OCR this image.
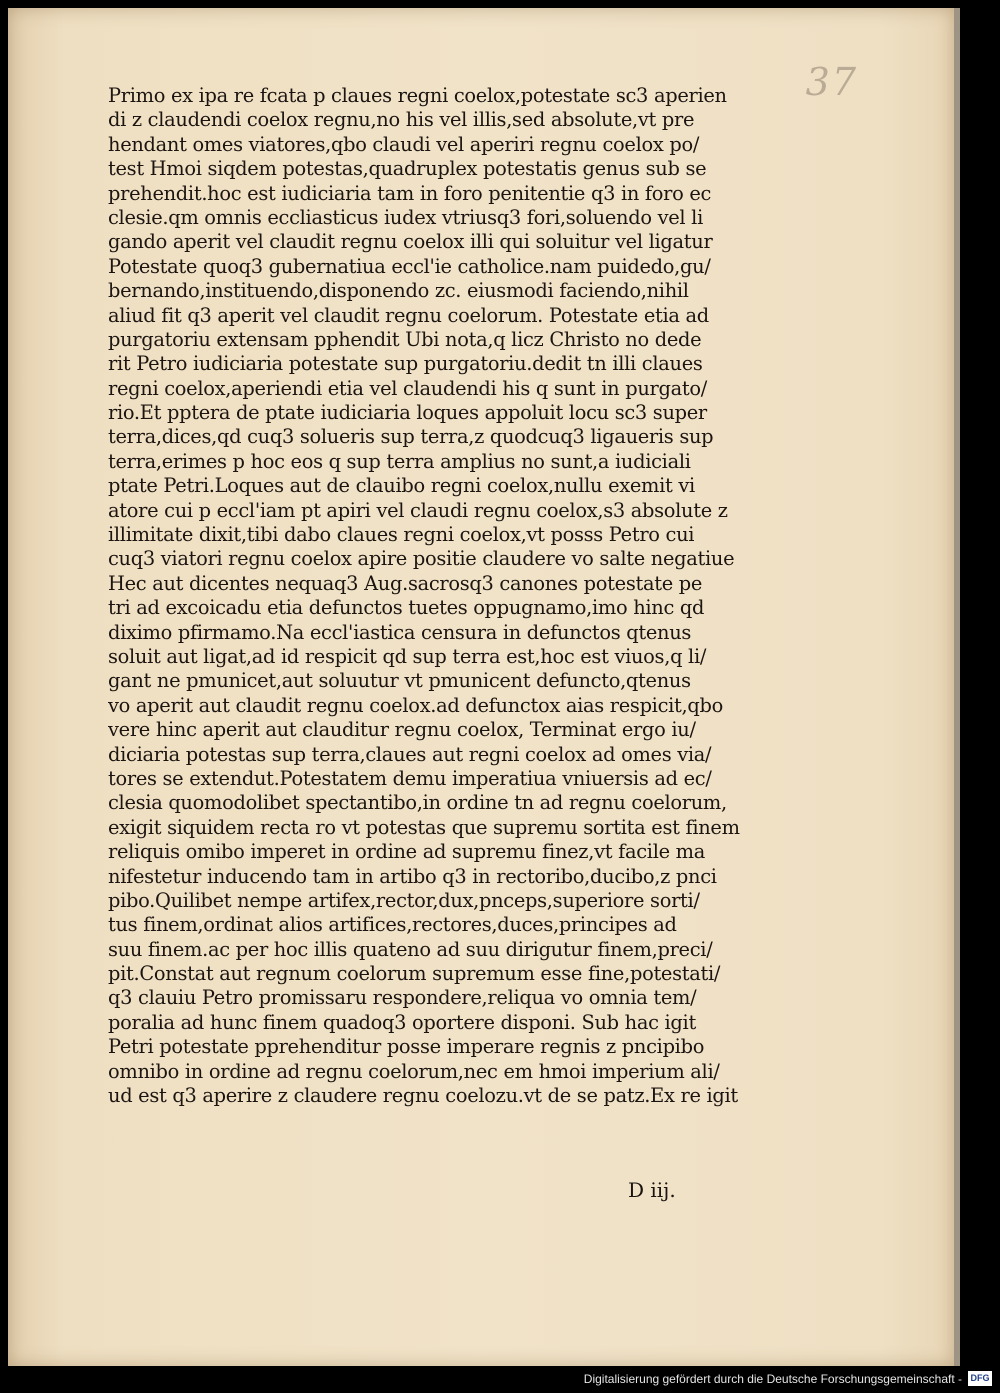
37
Primo ex ipa re fcata p claues regni coelox,potestate sc3 aperien
di z claudendi coelox regnu,no his vel illis,sed absolute,vt pre
hendant omes viatores,qbo claudi vel aperiri regnu coelox po/
test Hmoi siqdem potestas,quadruplex potestatis genus sub se
prehendit.hoc est iudiciaria tam in foro penitentie q3 in foro ec
clesie.qm omnis eccliasticus iudex vtriusq3 fori,soluendo vel li
gando aperit vel claudit regnu coelox illi qui soluitur vel ligatur
Potestate quoq3 gubernatiua eccl'ie catholice.nam puidedo,gu/
bernando,instituendo,disponendo zc. eiusmodi faciendo,nihil
aliud fit q3 aperit vel claudit regnu coelorum. Potestate etia ad
purgatoriu extensam pphendit Ubi nota,q licz Christo no dede
rit Petro iudiciaria potestate sup purgatoriu.dedit tn illi claues
regni coelox,aperiendi etia vel claudendi his q sunt in purgato/
rio.Et pptera de ptate iudiciaria loques appoluit locu sc3 super
terra,dices,qd cuq3 solueris sup terra,z quodcuq3 ligaueris sup
terra,erimes p hoc eos q sup terra amplius no sunt,a iudiciali
ptate Petri.Loques aut de clauibo regni coelox,nullu exemit vi
atore cui p eccl'iam pt apiri vel claudi regnu coelox,s3 absolute z
illimitate dixit,tibi dabo claues regni coelox,vt posss Petro cui
cuq3 viatori regnu coelox apire positie claudere vo salte negatiue
Hec aut dicentes nequaq3 Aug.sacrosq3 canones potestate pe
tri ad excoicadu etia defunctos tuetes oppugnamo,imo hinc qd
diximo pfirmamo.Na eccl'iastica censura in defunctos qtenus
soluit aut ligat,ad id respicit qd sup terra est,hoc est viuos,q li/
gant ne pmunicet,aut soluutur vt pmunicent defuncto,qtenus
vo aperit aut claudit regnu coelox.ad defunctox aias respicit,qbo
vere hinc aperit aut clauditur regnu coelox, Terminat ergo iu/
diciaria potestas sup terra,claues aut regni coelox ad omes via/
tores se extendut.Potestatem demu imperatiua vniuersis ad ec/
clesia quomodolibet spectantibo,in ordine tn ad regnu coelorum,
exigit siquidem recta ro vt potestas que supremu sortita est finem
reliquis omibo imperet in ordine ad supremu finez,vt facile ma
nifestetur inducendo tam in artibo q3 in rectoribo,ducibo,z pnci
pibo.Quilibet nempe artifex,rector,dux,pnceps,superiore sorti/
tus finem,ordinat alios artifices,rectores,duces,principes ad
suu finem.ac per hoc illis quateno ad suu dirigutur finem,preci/
pit.Constat aut regnum coelorum supremum esse fine,potestati/
q3 clauiu Petro promissaru respondere,reliqua vo omnia tem/
poralia ad hunc finem quadoq3 oportere disponi. Sub hac igit
Petri potestate pprehenditur posse imperare regnis z pncipibo
omnibo in ordine ad regnu coelorum,nec em hmoi imperium ali/
ud est q3 aperire z claudere regnu coelozu.vt de se patz.Ex re igit
D iij.
Digitalisierung gefördert durch die Deutsche Forschungsgemeinschaft - DFG
